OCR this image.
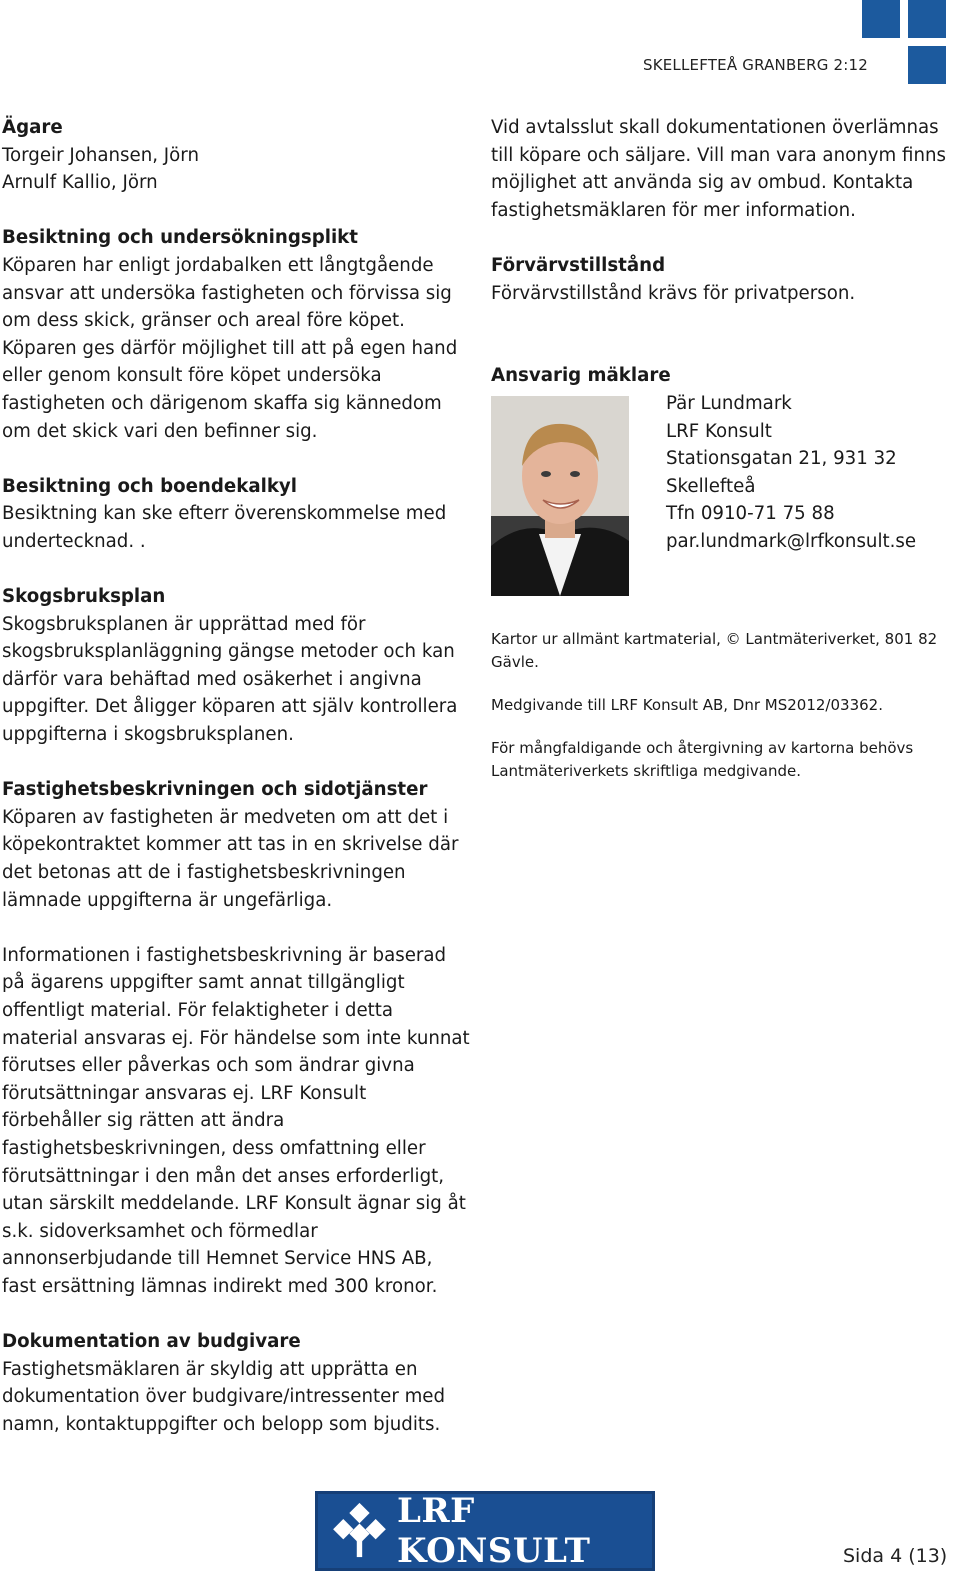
SKELLEFTEÅ GRANBERG 2:12
Ägare
Torgeir Johansen, Jörn
Arnulf Kallio, Jörn
Besiktning och undersökningsplikt
Köparen har enligt jordabalken ett långtgående ansvar att undersöka fastigheten och förvissa sig om dess skick, gränser och areal före köpet. Köparen ges därför möjlighet till att på egen hand eller genom konsult före köpet undersöka fastigheten och därigenom skaffa sig kännedom om det skick vari den befinner sig.
Besiktning och boendekalkyl
Besiktning kan ske efterr överenskommelse med undertecknad. .
Skogsbruksplan
Skogsbruksplanen är upprättad med för skogsbruksplanläggning gängse metoder och kan därför vara behäftad med osäkerhet i angivna uppgifter. Det åligger köparen att själv kontrollera uppgifterna i skogsbruksplanen.
Fastighetsbeskrivningen och sidotjänster
Köparen av fastigheten är medveten om att det i köpekontraktet kommer att tas in en skrivelse där det betonas att de i fastighetsbeskrivningen lämnade uppgifterna är ungefärliga.
Informationen i fastighetsbeskrivning är baserad på ägarens uppgifter samt annat tillgängligt offentligt material. För felaktigheter i detta material ansvaras ej. För händelse som inte kunnat förutses eller påverkas och som ändrar givna förutsättningar ansvaras ej. LRF Konsult förbehåller sig rätten att ändra fastighetsbeskrivningen, dess omfattning eller förutsättningar i den mån det anses erforderligt, utan särskilt meddelande. LRF Konsult ägnar sig åt s.k. sidoverksamhet och förmedlar annonserbjudande till Hemnet Service HNS AB, fast ersättning lämnas indirekt med 300 kronor.
Dokumentation av budgivare
Fastighetsmäklaren är skyldig att upprätta en dokumentation över budgivare/intressenter med namn, kontaktuppgifter och belopp som bjudits.
Vid avtalsslut skall dokumentationen överlämnas till köpare och säljare. Vill man vara anonym finns möjlighet att använda sig av ombud. Kontakta fastighetsmäklaren för mer information.
Förvärvstillstånd
Förvärvstillstånd krävs för privatperson.
Ansvarig mäklare
Pär Lundmark
LRF Konsult
Stationsgatan 21, 931 32
Skellefteå
Tfn 0910-71 75 88
par.lundmark@lrfkonsult.se
Kartor ur allmänt kartmaterial, © Lantmäteriverket, 801 82 Gävle.
Medgivande till LRF Konsult AB, Dnr MS2012/03362.
För mångfaldigande och återgivning av kartorna behövs Lantmäteriverkets skriftliga medgivande.
LRF KONSULT	Sida 4 (13)
